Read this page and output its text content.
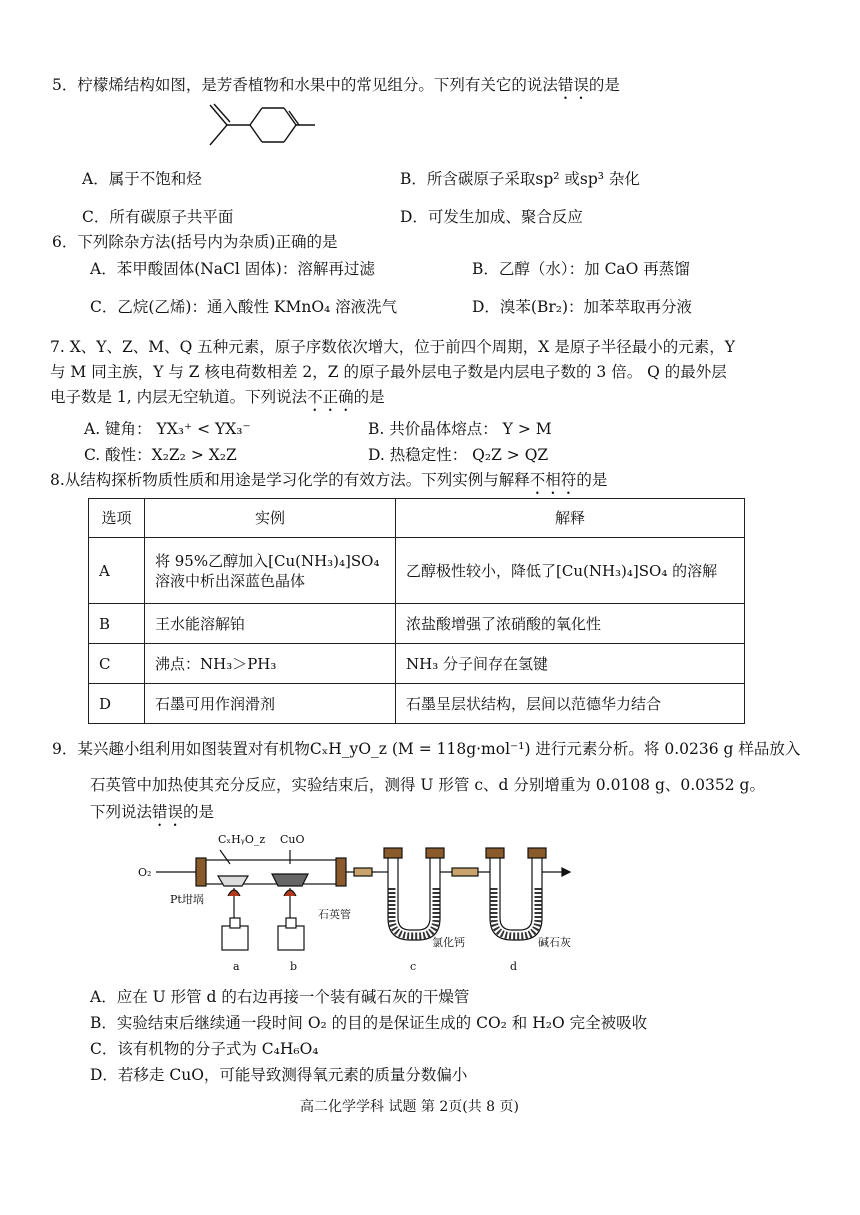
5．柠檬烯结构如图，是芳香植物和水果中的常见组分。下列有关它的说法错误的是
A．属于不饱和烃	B．所含碳原子采取sp² 或sp³ 杂化
C．所有碳原子共平面	D．可发生加成、聚合反应
6．下列除杂方法(括号内为杂质)正确的是
A．苯甲酸固体(NaCl 固体)：溶解再过滤	B．乙醇（水）：加 CaO 再蒸馏
C．乙烷(乙烯)：通入酸性 KMnO₄ 溶液洗气	D．溴苯(Br₂)：加苯萃取再分液
7. X、Y、Z、M、Q 五种元素，原子序数依次增大，位于前四个周期，X 是原子半径最小的元素，Y
与 M 同主族，Y 与 Z 核电荷数相差 2，Z 的原子最外层电子数是内层电子数的 3 倍。 Q 的最外层
电子数是 1, 内层无空轨道。下列说法不正确的是
A. 键角： YX₃⁺ < YX₃⁻	B. 共价晶体熔点： Y > M
C. 酸性：X₂Z₂ > X₂Z	D. 热稳定性： Q₂Z > QZ
8.从结构探析物质性质和用途是学习化学的有效方法。下列实例与解释不相符的是
选项	实例	解释
A	将 95%乙醇加入[Cu(NH₃)₄]SO₄
溶液中析出深蓝色晶体	乙醇极性较小，降低了[Cu(NH₃)₄]SO₄ 的溶解
B	王水能溶解铂	浓盐酸增强了浓硝酸的氧化性
C	沸点：NH₃＞PH₃	NH₃ 分子间存在氢键
D	石墨可用作润滑剂	石墨呈层状结构，层间以范德华力结合
9．某兴趣小组利用如图装置对有机物CₓH_yO_z (M = 118g·mol⁻¹) 进行元素分析。将 0.0236 g 样品放入
石英管中加热使其充分反应，实验结束后，测得 U 形管 c、d 分别增重为 0.0108 g、0.0352 g。
下列说法错误的是
O₂
CₓHᵧO_z CuO
Pt坩埚
石英管
氯化钙	碱石灰
a	b	c	d
A．应在 U 形管 d 的右边再接一个装有碱石灰的干燥管
B．实验结束后继续通一段时间 O₂ 的目的是保证生成的 CO₂ 和 H₂O 完全被吸收
C．该有机物的分子式为 C₄H₆O₄
D．若移走 CuO，可能导致测得氧元素的质量分数偏小
高二化学学科 试题 第 2页(共 8 页)
